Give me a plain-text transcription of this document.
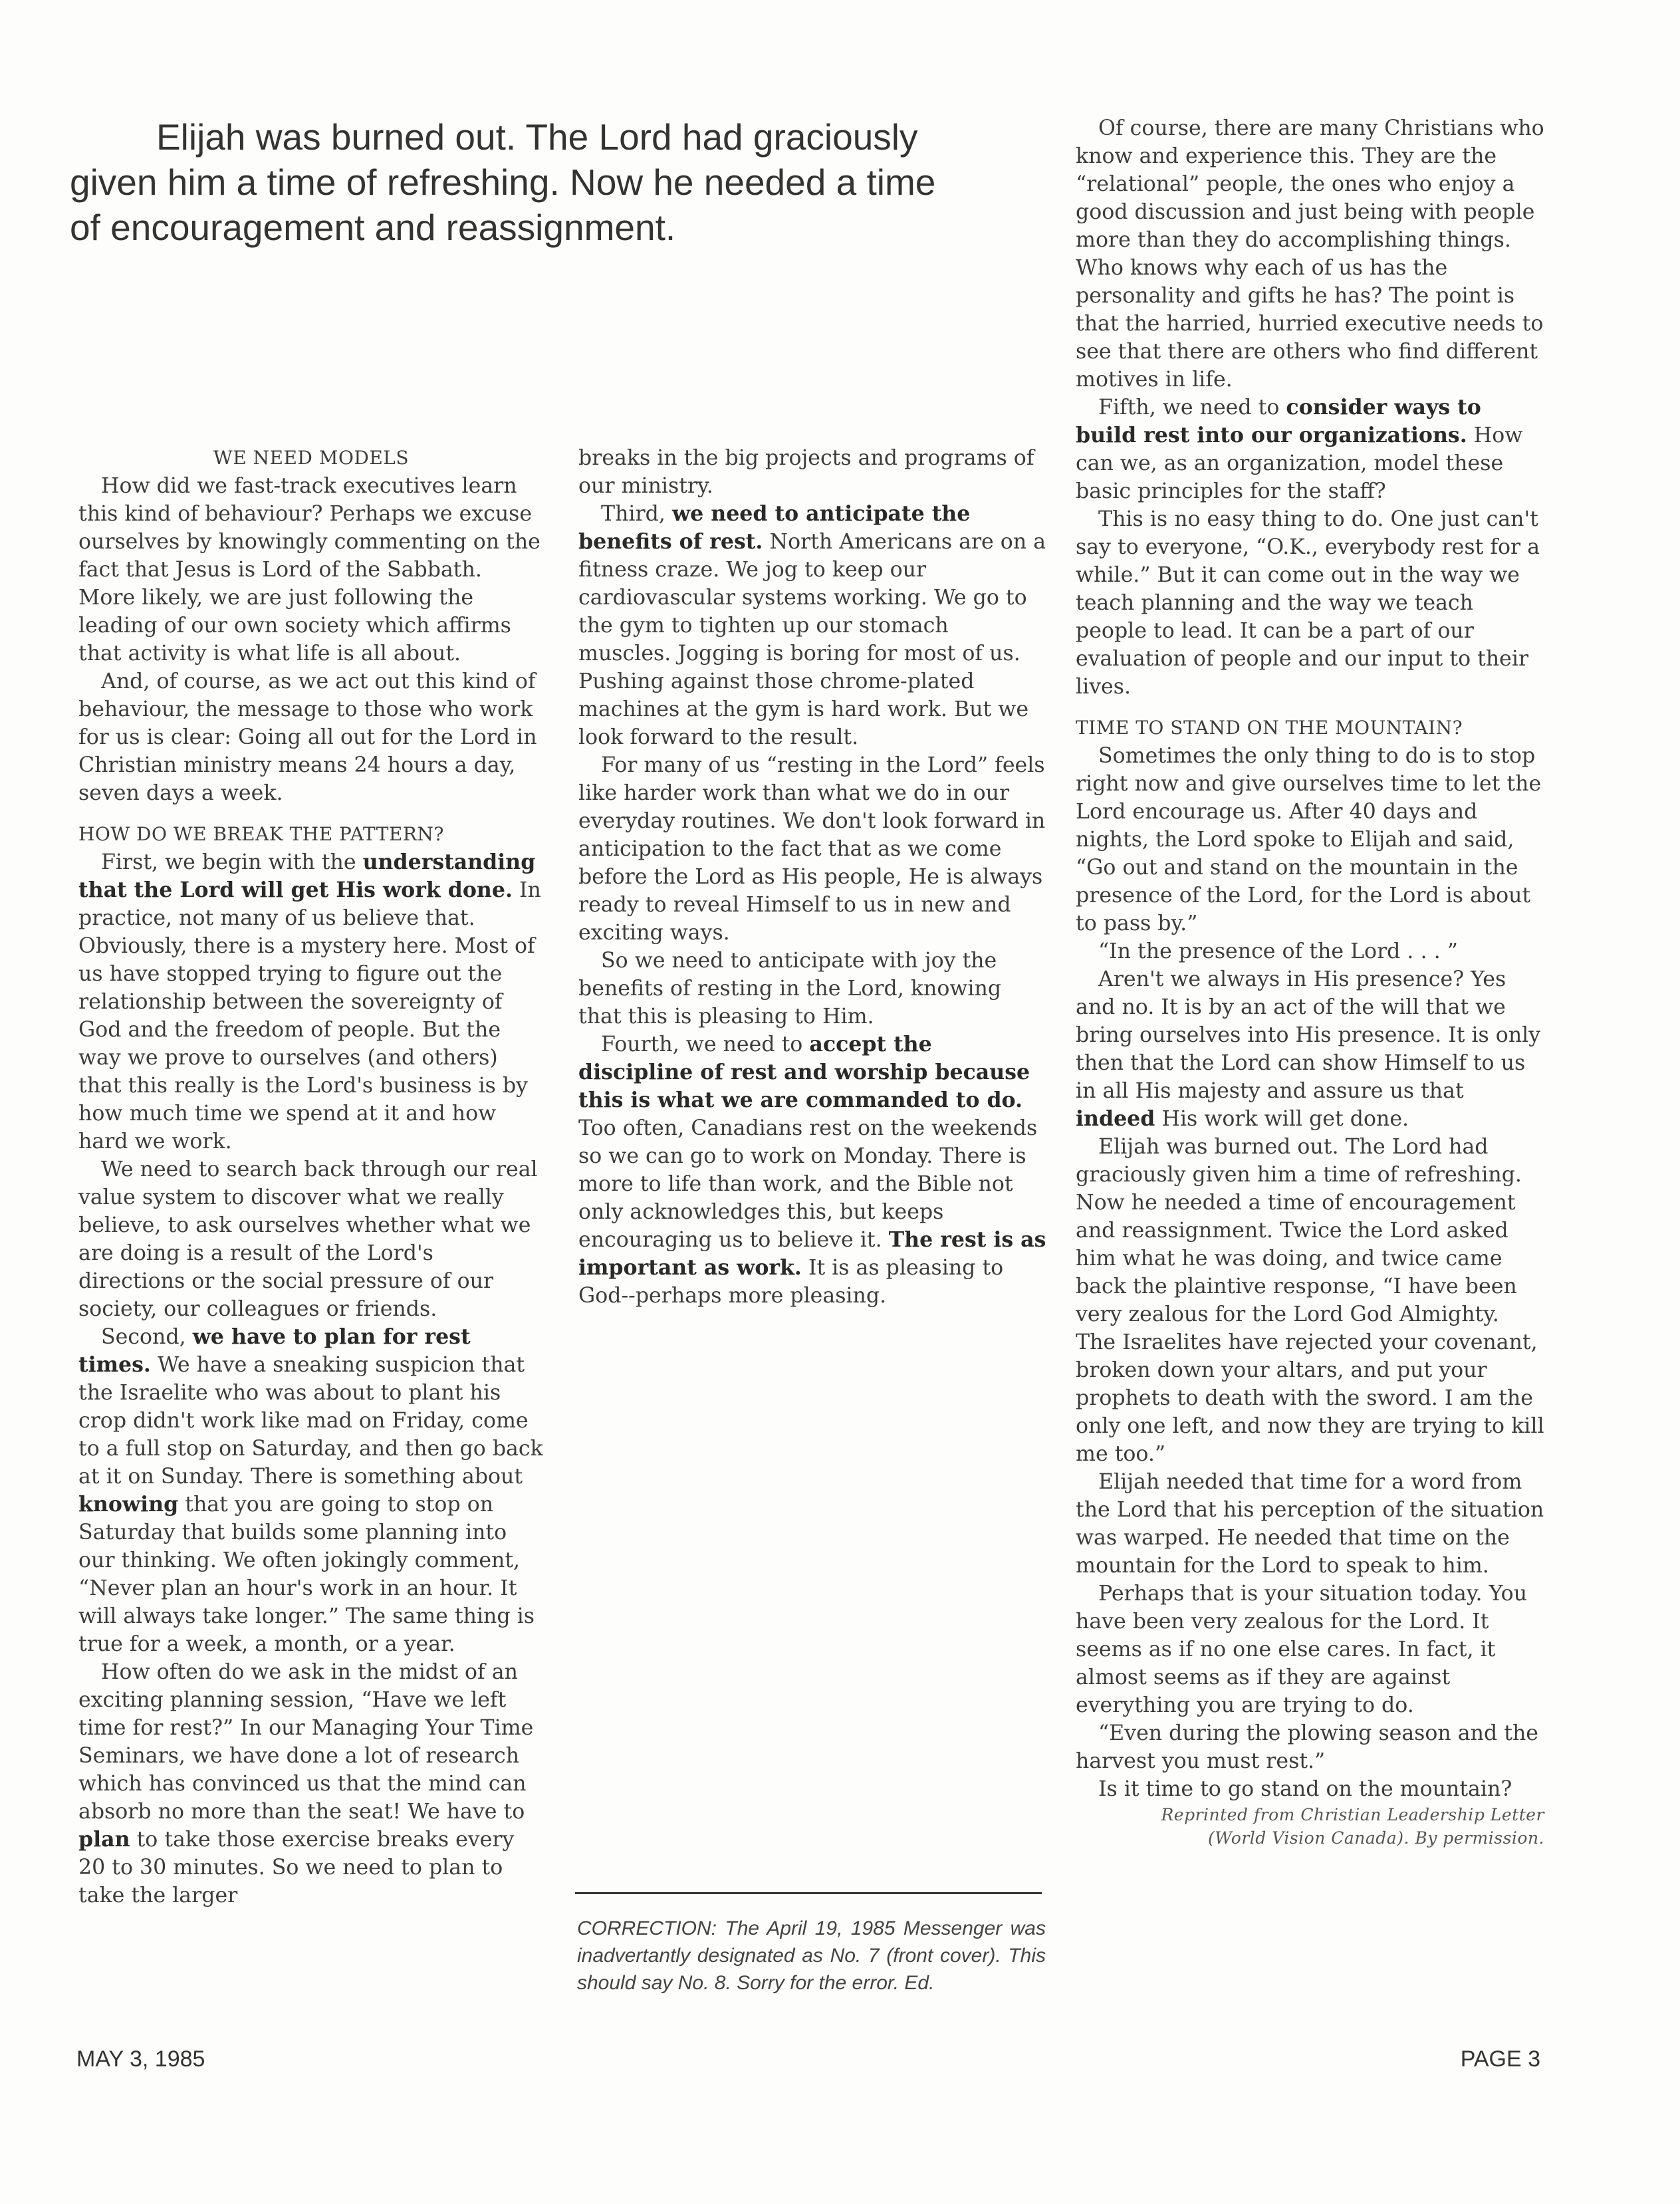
Elijah was burned out. The Lord had graciously
given him a time of refreshing. Now he needed a time
of encouragement and reassignment.
WE NEED MODELS

How did we fast-track executives learn this kind of behaviour? Perhaps we excuse ourselves by knowingly commenting on the fact that Jesus is Lord of the Sabbath. More likely, we are just following the leading of our own society which affirms that activity is what life is all about.

And, of course, as we act out this kind of behaviour, the message to those who work for us is clear: Going all out for the Lord in Christian ministry means 24 hours a day, seven days a week.

HOW DO WE BREAK THE PATTERN?

First, we begin with the understanding that the Lord will get His work done. In practice, not many of us believe that. Obviously, there is a mystery here. Most of us have stopped trying to figure out the relationship between the sovereignty of God and the freedom of people. But the way we prove to ourselves (and others) that this really is the Lord's business is by how much time we spend at it and how hard we work.

We need to search back through our real value system to discover what we really believe, to ask ourselves whether what we are doing is a result of the Lord's directions or the social pressure of our society, our colleagues or friends.

Second, we have to plan for rest times. We have a sneaking suspicion that the Israelite who was about to plant his crop didn't work like mad on Friday, come to a full stop on Saturday, and then go back at it on Sunday. There is something about knowing that you are going to stop on Saturday that builds some planning into our thinking. We often jokingly comment, “Never plan an hour's work in an hour. It will always take longer.” The same thing is true for a week, a month, or a year.

How often do we ask in the midst of an exciting planning session, “Have we left time for rest?” In our Managing Your Time Seminars, we have done a lot of research which has convinced us that the mind can absorb no more than the seat! We have to plan to take those exercise breaks every 20 to 30 minutes. So we need to plan to take the larger

breaks in the big projects and programs of our ministry.

Third, we need to anticipate the benefits of rest. North Americans are on a fitness craze. We jog to keep our cardiovascular systems working. We go to the gym to tighten up our stomach muscles. Jogging is boring for most of us. Pushing against those chrome-plated machines at the gym is hard work. But we look forward to the result.

For many of us “resting in the Lord” feels like harder work than what we do in our everyday routines. We don't look forward in anticipation to the fact that as we come before the Lord as His people, He is always ready to reveal Himself to us in new and exciting ways.

So we need to anticipate with joy the benefits of resting in the Lord, knowing that this is pleasing to Him.

Fourth, we need to accept the discipline of rest and worship because this is what we are commanded to do. Too often, Canadians rest on the weekends so we can go to work on Monday. There is more to life than work, and the Bible not only acknowledges this, but keeps encouraging us to believe it. The rest is as important as work. It is as pleasing to God--perhaps more pleasing.

CORRECTION: The April 19, 1985 Messenger was inadvertantly designated as No. 7 (front cover). This should say No. 8. Sorry for the error. Ed.

Of course, there are many Christians who know and experience this. They are the “relational” people, the ones who enjoy a good discussion and just being with people more than they do accomplishing things. Who knows why each of us has the personality and gifts he has? The point is that the harried, hurried executive needs to see that there are others who find different motives in life.

Fifth, we need to consider ways to build rest into our organizations. How can we, as an organization, model these basic principles for the staff?

This is no easy thing to do. One just can't say to everyone, “O.K., everybody rest for a while.” But it can come out in the way we teach planning and the way we teach people to lead. It can be a part of our evaluation of people and our input to their lives.

TIME TO STAND ON THE MOUNTAIN?

Sometimes the only thing to do is to stop right now and give ourselves time to let the Lord encourage us. After 40 days and nights, the Lord spoke to Elijah and said, “Go out and stand on the mountain in the presence of the Lord, for the Lord is about to pass by.”

“In the presence of the Lord . . . ”

Aren't we always in His presence? Yes and no. It is by an act of the will that we bring ourselves into His presence. It is only then that the Lord can show Himself to us in all His majesty and assure us that indeed His work will get done.

Elijah was burned out. The Lord had graciously given him a time of refreshing. Now he needed a time of encouragement and reassignment. Twice the Lord asked him what he was doing, and twice came back the plaintive response, “I have been very zealous for the Lord God Almighty. The Israelites have rejected your covenant, broken down your altars, and put your prophets to death with the sword. I am the only one left, and now they are trying to kill me too.”

Elijah needed that time for a word from the Lord that his perception of the situation was warped. He needed that time on the mountain for the Lord to speak to him.

Perhaps that is your situation today. You have been very zealous for the Lord. It seems as if no one else cares. In fact, it almost seems as if they are against everything you are trying to do.

“Even during the plowing season and the harvest you must rest.”

Is it time to go stand on the mountain?

Reprinted from Christian Leadership Letter
(World Vision Canada). By permission.
MAY 3, 1985	PAGE 3
